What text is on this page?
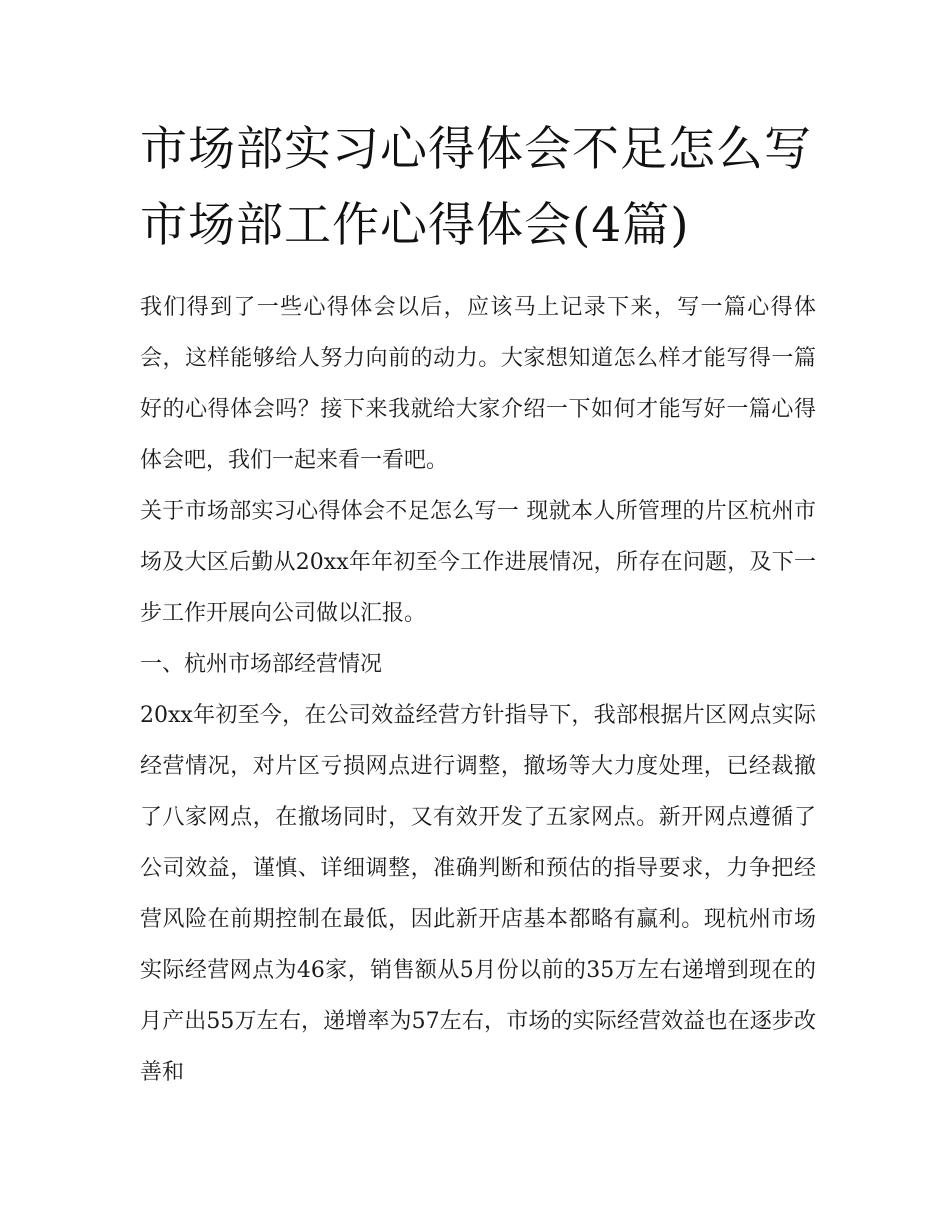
市场部实习心得体会不足怎么写 市场部工作心得体会(4篇)

我们得到了一些心得体会以后，应该马上记录下来，写一篇心得体会，这样能够给人努力向前的动力。大家想知道怎么样才能写得一篇好的心得体会吗？接下来我就给大家介绍一下如何才能写好一篇心得体会吧，我们一起来看一看吧。

关于市场部实习心得体会不足怎么写一 现就本人所管理的片区杭州市场及大区后勤从20xx年年初至今工作进展情况，所存在问题，及下一步工作开展向公司做以汇报。

一、杭州市场部经营情况

20xx年初至今，在公司效益经营方针指导下，我部根据片区网点实际经营情况，对片区亏损网点进行调整，撤场等大力度处理，已经裁撤了八家网点，在撤场同时，又有效开发了五家网点。新开网点遵循了公司效益，谨慎、详细调整，准确判断和预估的指导要求，力争把经营风险在前期控制在最低，因此新开店基本都略有赢利。现杭州市场实际经营网点为46家，销售额从5月份以前的35万左右递增到现在的月产出55万左右，递增率为57左右，市场的实际经营效益也在逐步改善和
